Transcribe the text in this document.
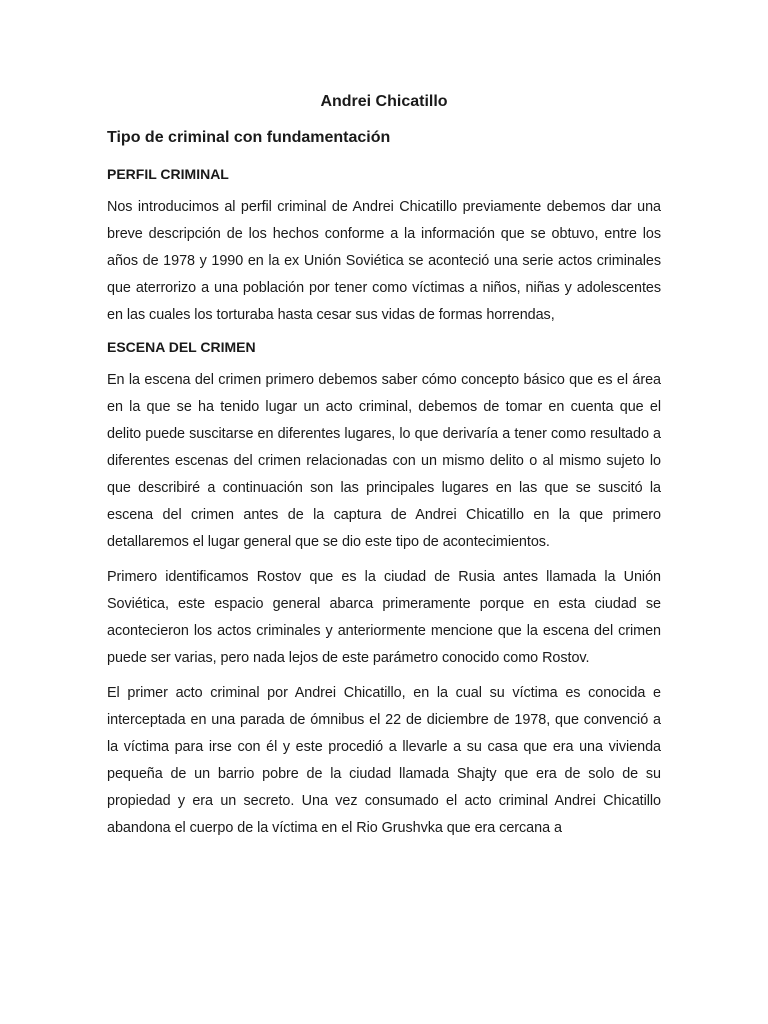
Andrei Chicatillo
Tipo de criminal con fundamentación
PERFIL CRIMINAL

Nos introducimos al perfil criminal de Andrei Chicatillo previamente debemos dar una breve descripción de los hechos conforme a la información que se obtuvo, entre los años de 1978 y 1990 en la ex Unión Soviética se aconteció una serie actos criminales que aterrorizo a una población por tener como víctimas a niños, niñas y adolescentes en las cuales los torturaba hasta cesar sus vidas de formas horrendas,

ESCENA DEL CRIMEN

En la escena del crimen primero debemos saber cómo concepto básico que es el área en la que se ha tenido lugar un acto criminal, debemos de tomar en cuenta que el delito puede suscitarse en diferentes lugares, lo que derivaría a tener como resultado a diferentes escenas del crimen relacionadas con un mismo delito o al mismo sujeto lo que describiré a continuación son las principales lugares en las que se suscitó la escena del crimen antes de la captura de Andrei Chicatillo en la que primero detallaremos el lugar general que se dio este tipo de acontecimientos.

Primero identificamos Rostov que es la ciudad de Rusia antes llamada la Unión Soviética, este espacio general abarca primeramente porque en esta ciudad se acontecieron los actos criminales y anteriormente mencione que la escena del crimen puede ser varias, pero nada lejos de este parámetro conocido como Rostov.

El primer acto criminal por Andrei Chicatillo, en la cual su víctima es conocida e interceptada en una parada de ómnibus el 22 de diciembre de 1978, que convenció a la víctima para irse con él y este procedió a llevarle a su casa que era una vivienda pequeña de un barrio pobre de la ciudad llamada Shajty que era de solo de su propiedad y era un secreto. Una vez consumado el acto criminal Andrei Chicatillo abandona el cuerpo de la víctima en el Rio Grushvka que era cercana a
